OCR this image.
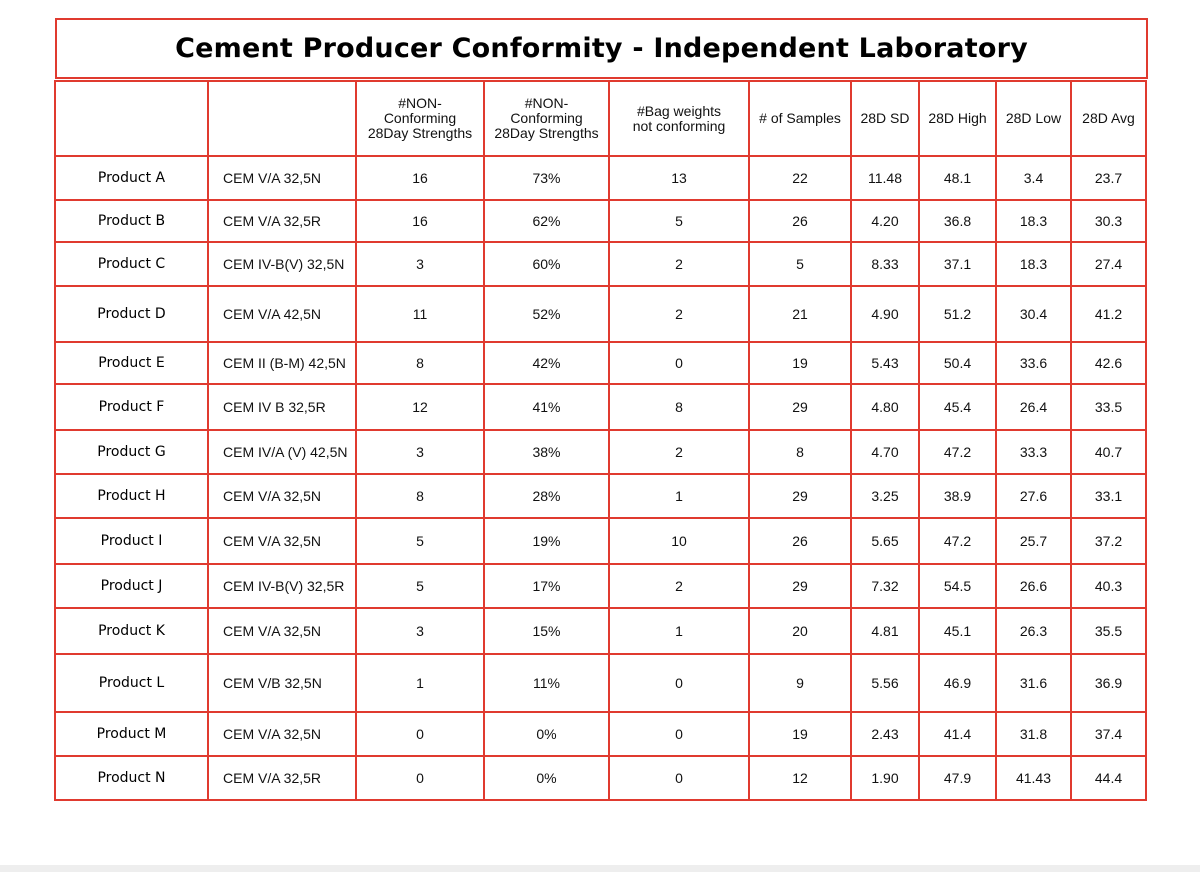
Cement Producer Conformity - Independent Laboratory
		#NON-
Conforming
28Day Strengths	#NON-
Conforming
28Day Strengths	#Bag weights
not conforming	# of Samples	28D SD	28D High	28D Low	28D Avg
Product A	CEM V/A 32,5N	16	73%	13	22	11.48	48.1	3.4	23.7
Product B	CEM V/A 32,5R	16	62%	5	26	4.20	36.8	18.3	30.3
Product C	CEM IV-B(V) 32,5N	3	60%	2	5	8.33	37.1	18.3	27.4
Product D	CEM V/A 42,5N	11	52%	2	21	4.90	51.2	30.4	41.2
Product E	CEM II (B-M) 42,5N	8	42%	0	19	5.43	50.4	33.6	42.6
Product F	CEM IV B 32,5R	12	41%	8	29	4.80	45.4	26.4	33.5
Product G	CEM IV/A (V) 42,5N	3	38%	2	8	4.70	47.2	33.3	40.7
Product H	CEM V/A 32,5N	8	28%	1	29	3.25	38.9	27.6	33.1
Product I	CEM V/A 32,5N	5	19%	10	26	5.65	47.2	25.7	37.2
Product J	CEM IV-B(V) 32,5R	5	17%	2	29	7.32	54.5	26.6	40.3
Product K	CEM V/A 32,5N	3	15%	1	20	4.81	45.1	26.3	35.5
Product L	CEM V/B 32,5N	1	11%	0	9	5.56	46.9	31.6	36.9
Product M	CEM V/A 32,5N	0	0%	0	19	2.43	41.4	31.8	37.4
Product N	CEM V/A 32,5R	0	0%	0	12	1.90	47.9	41.43	44.4
